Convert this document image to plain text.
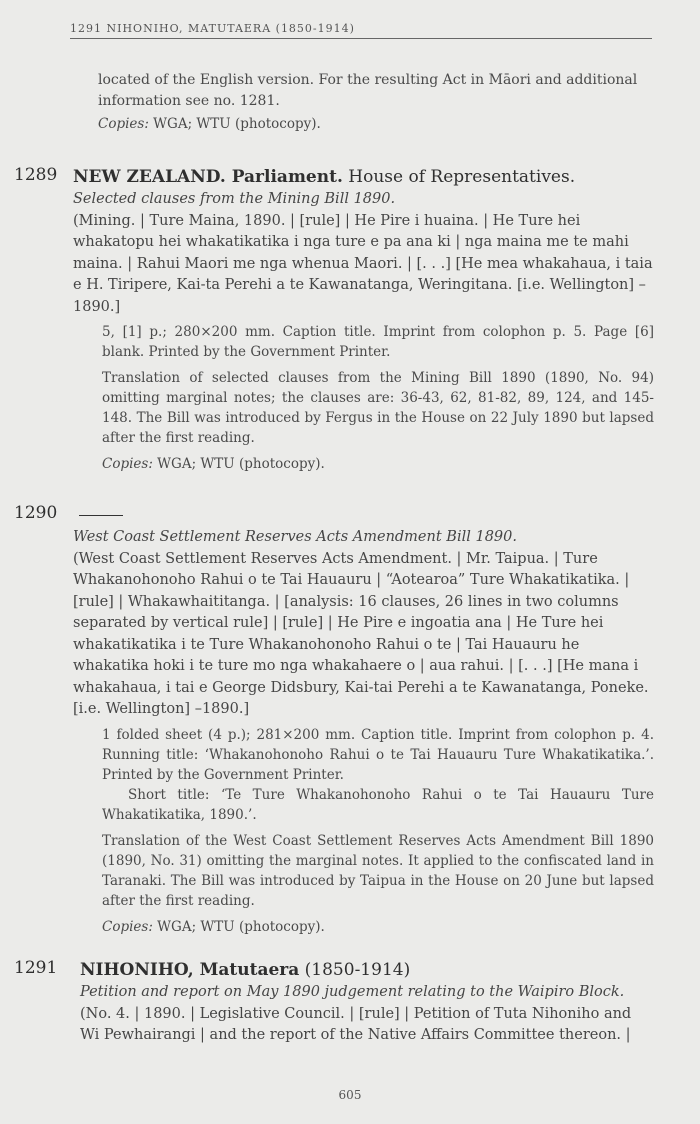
1291 NIHONIHO, MATUTAERA (1850-1914)

located of the English version. For the resulting Act in Māori and additional information see no. 1281.

Copies: WGA; WTU (photocopy).
1289 NEW ZEALAND. Parliament. House of Representatives.
Selected clauses from the Mining Bill 1890.
(Mining. | Ture Maina, 1890. | [rule] | He Pire i huaina. | He Ture hei whakatopu hei whakatikatika i nga ture e pa ana ki | nga maina me te mahi maina. | Rahui Maori me nga whenua Maori. | [. . .] [He mea whakahaua, i taia e H. Tiripere, Kai-ta Perehi a te Kawanatanga, Weringitana. [i.e. Wellington] –1890.]
5, [1] p.; 280×200 mm. Caption title. Imprint from colophon p. 5. Page [6] blank. Printed by the Government Printer.
Translation of selected clauses from the Mining Bill 1890 (1890, No. 94) omitting marginal notes; the clauses are: 36-43, 62, 81-82, 89, 124, and 145-148. The Bill was introduced by Fergus in the House on 22 July 1890 but lapsed after the first reading.
Copies: WGA; WTU (photocopy).
1290

West Coast Settlement Reserves Acts Amendment Bill 1890.
(West Coast Settlement Reserves Acts Amendment. | Mr. Taipua. | Ture Whakanohonoho Rahui o te Tai Hauauru | “Aotearoa” Ture Whakatikatika. | [rule] | Whakawhaititanga. | [analysis: 16 clauses, 26 lines in two columns separated by vertical rule] | [rule] | He Pire e ingoatia ana | He Ture hei whakatikatika i te Ture Whakanohonoho Rahui o te | Tai Hauauru he whakatika hoki i te ture mo nga whakahaere o | aua rahui. | [. . .] [He mana i whakahaua, i tai e George Didsbury, Kai-tai Perehi a te Kawanatanga, Poneke. [i.e. Wellington] –1890.]
1 folded sheet (4 p.); 281×200 mm. Caption title. Imprint from colophon p. 4. Running title: ‘Whakanohonoho Rahui o te Tai Hauauru Ture Whakatikatika.’. Printed by the Government Printer.
Short title: ‘Te Ture Whakanohonoho Rahui o te Tai Hauauru Ture Whakatikatika, 1890.’.
Translation of the West Coast Settlement Reserves Acts Amendment Bill 1890 (1890, No. 31) omitting the marginal notes. It applied to the confiscated land in Taranaki. The Bill was introduced by Taipua in the House on 20 June but lapsed after the first reading.
Copies: WGA; WTU (photocopy).
1291	NIHONIHO, Matutaera (1850-1914)
Petition and report on May 1890 judgement relating to the Waipiro Block.
(No. 4. | 1890. | Legislative Council. | [rule] | Petition of Tuta Nihoniho and Wi Pewhairangi | and the report of the Native Affairs Committee thereon. |
605
